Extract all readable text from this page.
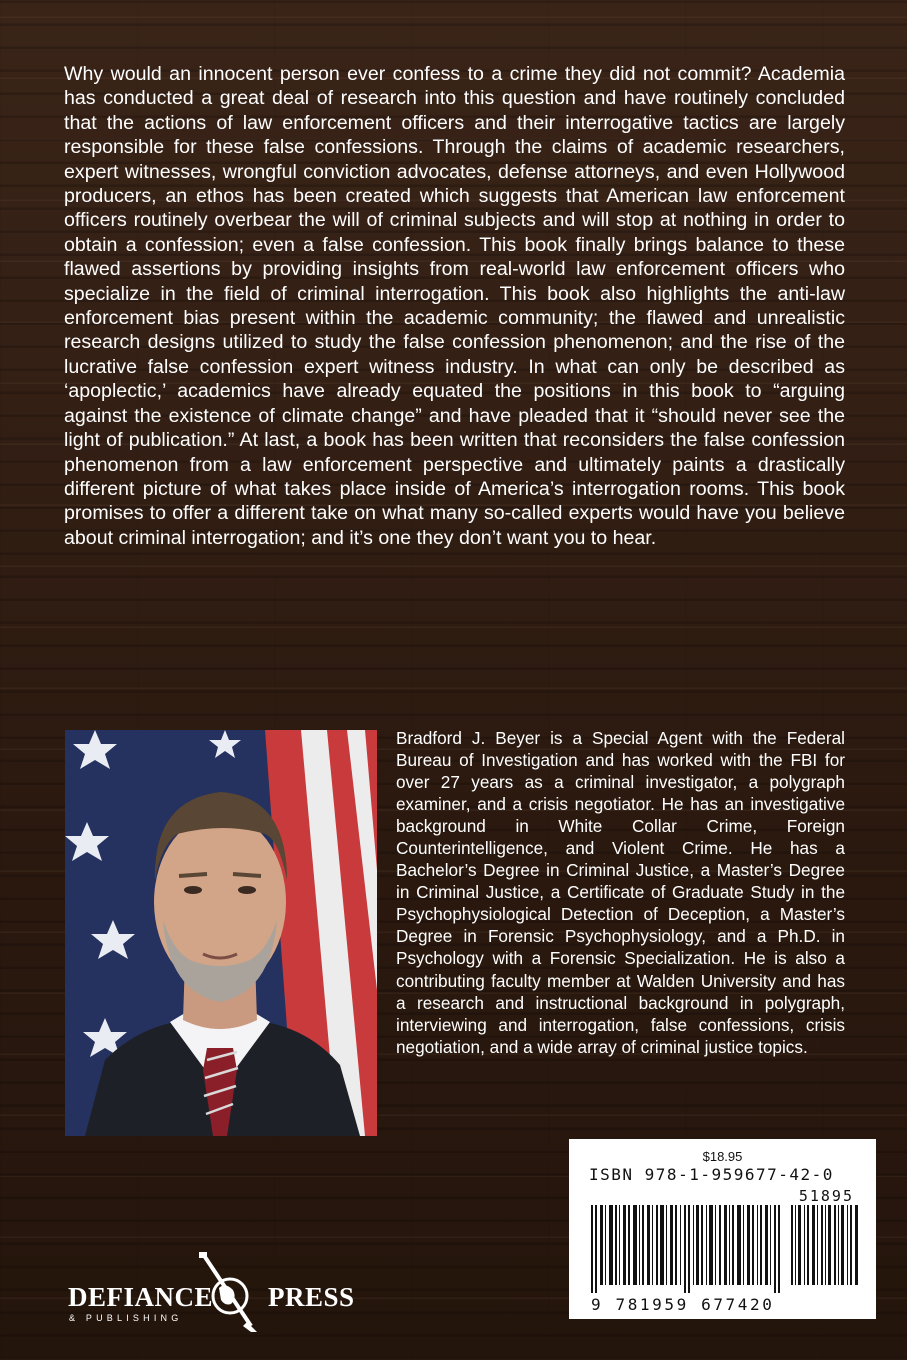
Why would an innocent person ever confess to a crime they did not commit? Academia has conducted a great deal of research into this question and have routinely concluded that the actions of law enforcement officers and their interrogative tactics are largely responsible for these false confessions. Through the claims of academic researchers, expert witnesses, wrongful conviction advocates, defense attorneys, and even Hollywood producers, an ethos has been created which suggests that American law enforcement officers routinely overbear the will of criminal subjects and will stop at nothing in order to obtain a confession; even a false confession. This book finally brings balance to these flawed assertions by providing insights from real-world law enforcement officers who specialize in the field of criminal interrogation. This book also highlights the anti-law enforcement bias present within the academic community; the flawed and unrealistic research designs utilized to study the false confession phenomenon; and the rise of the lucrative false confession expert witness industry. In what can only be described as ‘apoplectic,’ academics have already equated the positions in this book to “arguing against the existence of climate change” and have pleaded that it “should never see the light of publication.” At last, a book has been written that reconsiders the false confession phenomenon from a law enforcement perspective and ultimately paints a drastically different picture of what takes place inside of America’s interrogation rooms. This book promises to offer a different take on what many so-called experts would have you believe about criminal interrogation; and it’s one they don’t want you to hear.

Bradford J. Beyer is a Special Agent with the Federal Bureau of Investigation and has worked with the FBI for over 27 years as a criminal investigator, a polygraph examiner, and a crisis negotiator. He has an investigative background in White Collar Crime, Foreign Counterintelligence, and Violent Crime. He has a Bachelor’s Degree in Criminal Justice, a Master’s Degree in Criminal Justice, a Certificate of Graduate Study in the Psychophysiological Detection of Deception, a Master’s Degree in Forensic Psychophysiology, and a Ph.D. in Psychology with a Forensic Specialization. He is also a contributing faculty member at Walden University and has a research and instructional background in polygraph, interviewing and interrogation, false confessions, crisis negotiation, and a wide array of criminal justice topics.

$18.95
ISBN 978-1-959677-42-0
51895
9 781959 677420
DEFIANCE PRESS
& PUBLISHING
